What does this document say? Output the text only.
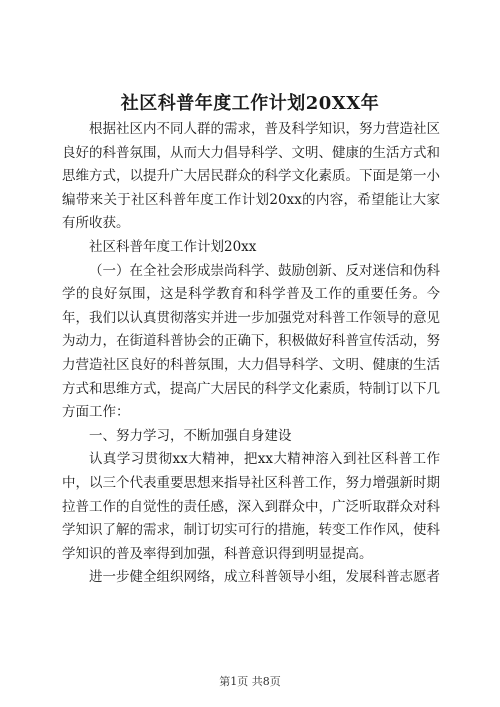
社区科普年度工作计划20XX年

根据社区内不同人群的需求，普及科学知识，努力营造社区良好的科普氛围，从而大力倡导科学、文明、健康的生活方式和思维方式，以提升广大居民群众的科学文化素质。下面是第一小编带来关于社区科普年度工作计划20xx的内容，希望能让大家有所收获。

社区科普年度工作计划20xx

（一）在全社会形成崇尚科学、鼓励创新、反对迷信和伪科学的良好氛围，这是科学教育和科学普及工作的重要任务。今年，我们以认真贯彻落实并进一步加强党对科普工作领导的意见为动力，在街道科普协会的正确下，积极做好科普宣传活动，努力营造社区良好的科普氛围，大力倡导科学、文明、健康的生活方式和思维方式，提高广大居民的科学文化素质，特制订以下几方面工作：

一、努力学习，不断加强自身建设

认真学习贯彻xx大精神，把xx大精神溶入到社区科普工作中，以三个代表重要思想来指导社区科普工作，努力增强新时期拉普工作的自觉性的责任感，深入到群众中，广泛听取群众对科学知识了解的需求，制订切实可行的措施，转变工作作风，使科学知识的普及率得到加强，科普意识得到明显提高。

进一步健全组织网络，成立科普领导小组，发展科普志愿者

第1页 共8页
